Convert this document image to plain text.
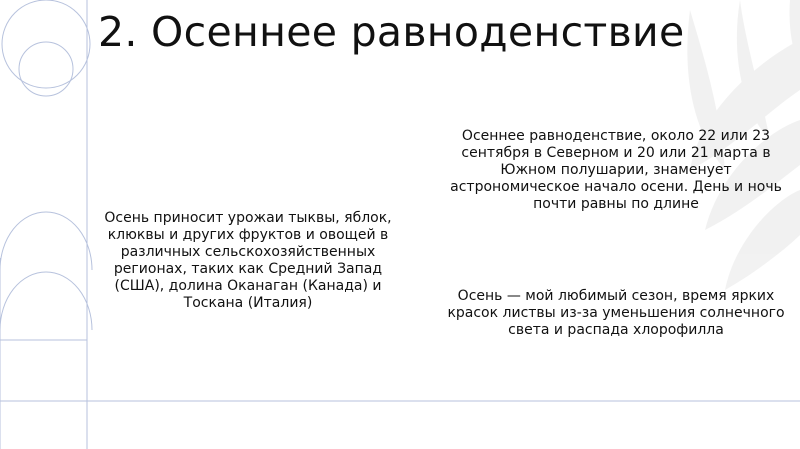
2. Осеннее равноденствие

Осень приносит урожаи тыквы, яблок, клюквы и других фруктов и овощей в различных сельскохозяйственных регионах, таких как Средний Запад (США), долина Оканаган (Канада) и Тоскана (Италия)

Осеннее равноденствие, около 22 или 23 сентября в Северном и 20 или 21 марта в Южном полушарии, знаменует астрономическое начало осени. День и ночь почти равны по длине

Осень — мой любимый сезон, время ярких красок листвы из-за уменьшения солнечного света и распада хлорофилла
